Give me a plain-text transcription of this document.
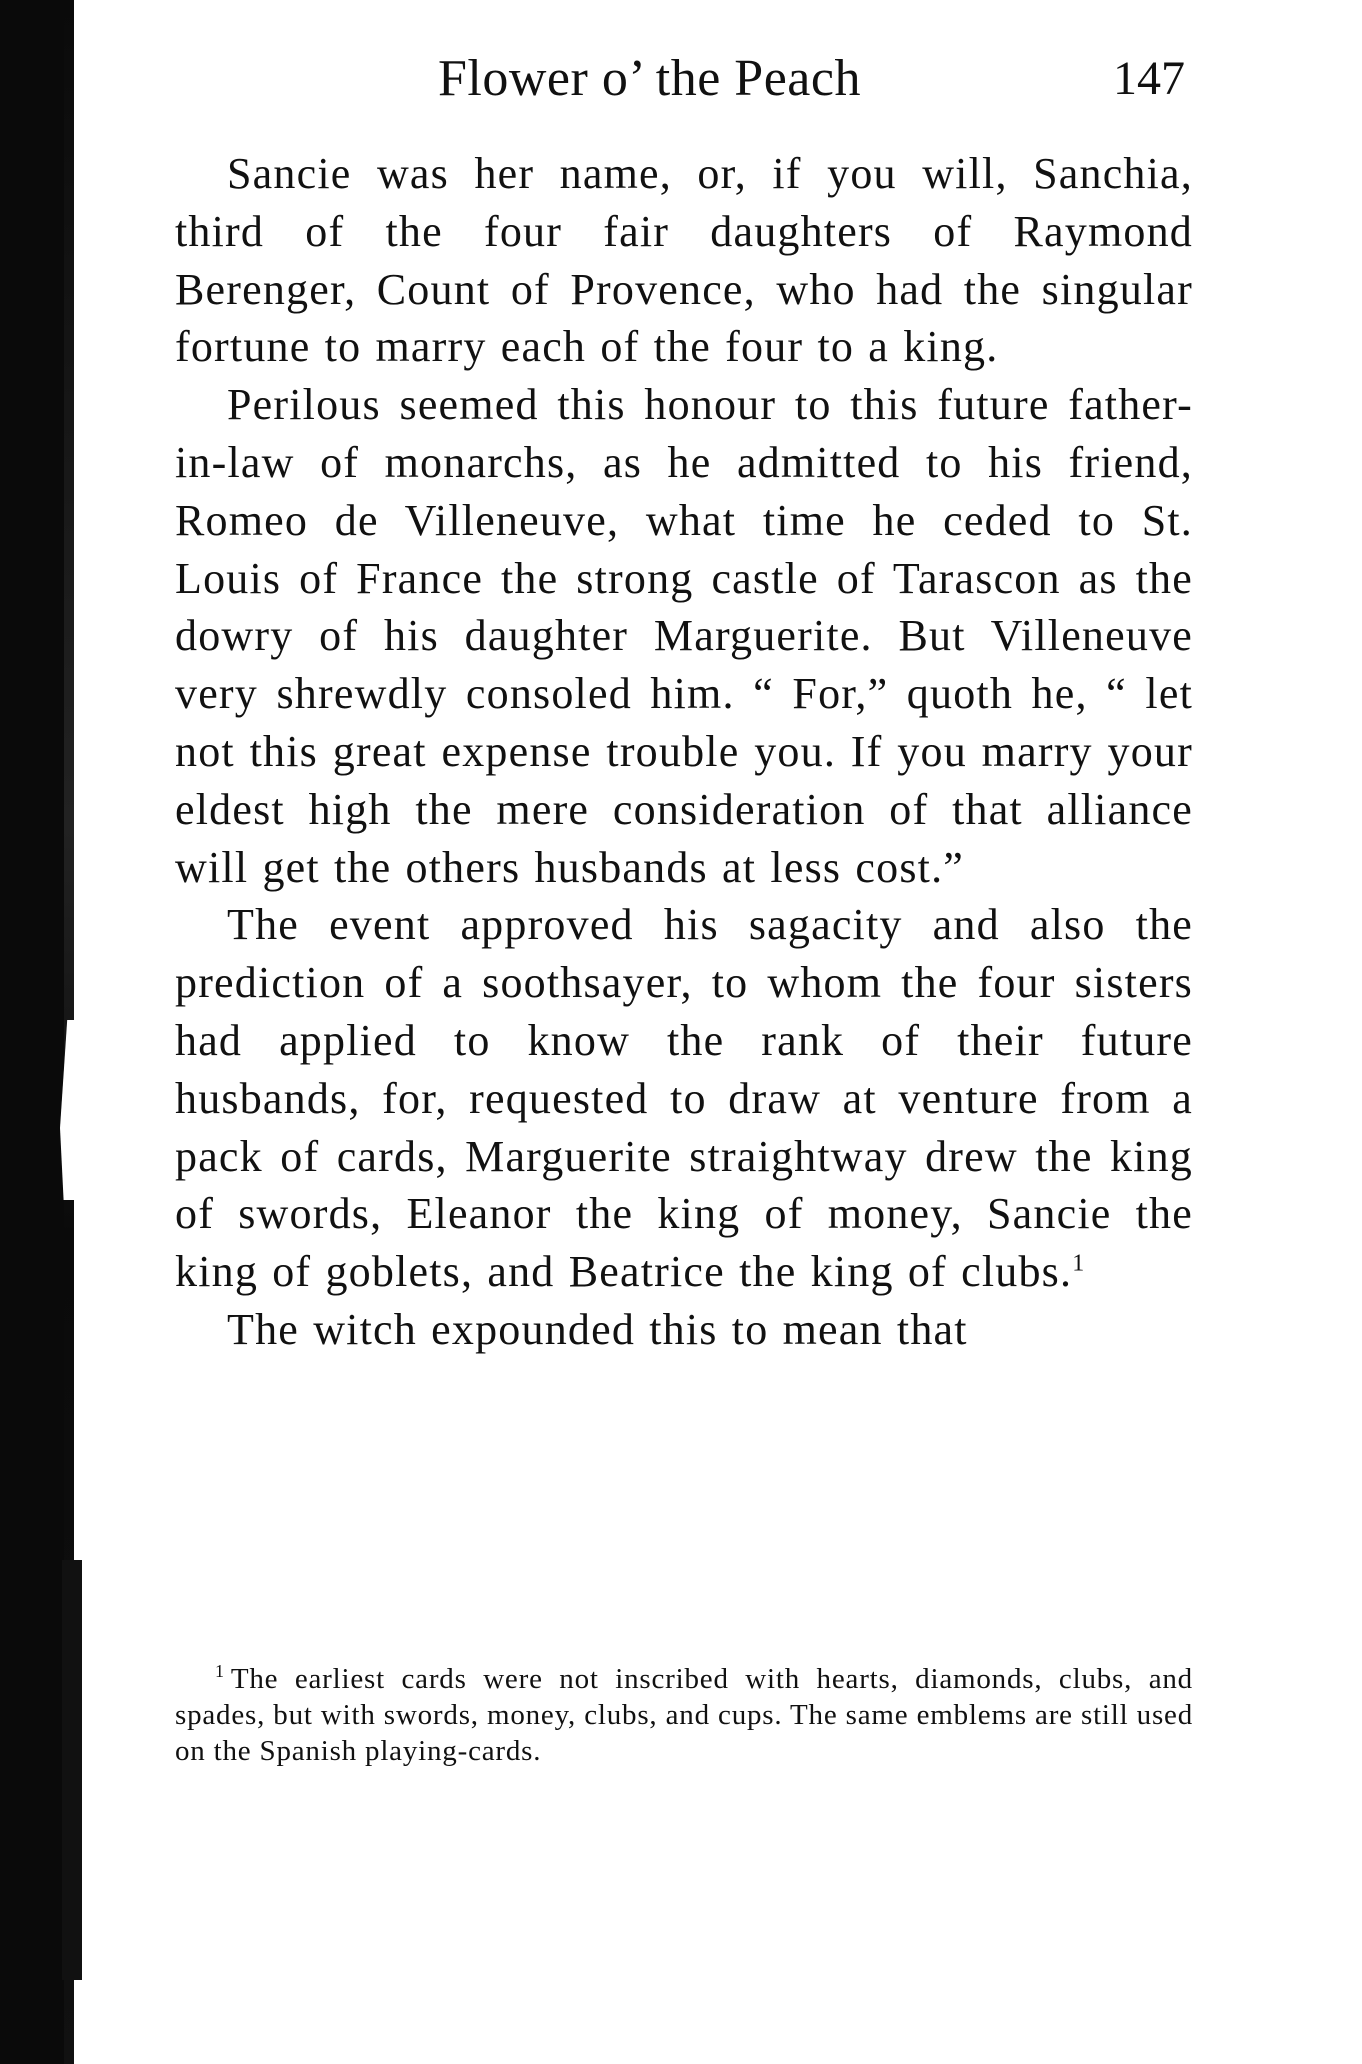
Flower o’ the Peach	147

Sancie was her name, or, if you will, Sanchia, third of the four fair daughters of Raymond Berenger, Count of Provence, who had the singular fortune to marry each of the four to a king.

Perilous seemed this honour to this future father-in-law of monarchs, as he admitted to his friend, Romeo de Villeneuve, what time he ceded to St. Louis of France the strong castle of Tarascon as the dowry of his daughter Marguerite. But Villeneuve very shrewdly consoled him. “ For,” quoth he, “ let not this great expense trouble you. If you marry your eldest high the mere consideration of that alliance will get the others husbands at less cost.”

The event approved his sagacity and also the prediction of a soothsayer, to whom the four sisters had applied to know the rank of their future husbands, for, requested to draw at venture from a pack of cards, Marguerite straightway drew the king of swords, Eleanor the king of money, Sancie the king of goblets, and Beatrice the king of clubs.$^1$

The witch expounded this to mean that

$^1$ The earliest cards were not inscribed with hearts, diamonds, clubs, and spades, but with swords, money, clubs, and cups. The same emblems are still used on the Spanish playing-cards.
